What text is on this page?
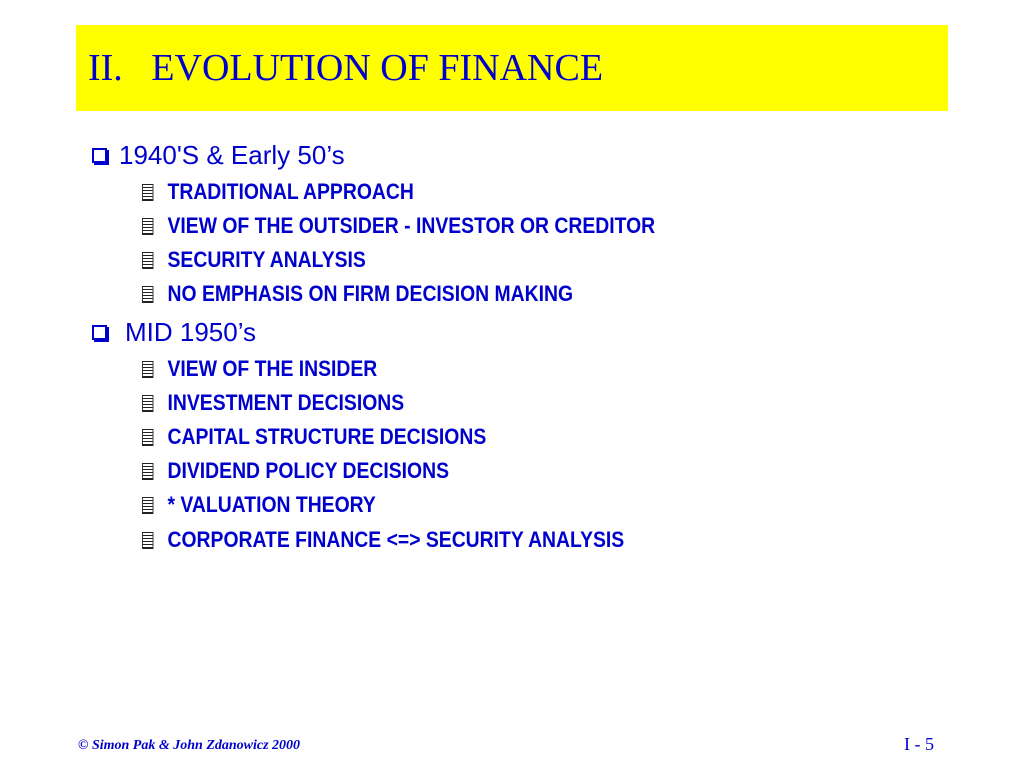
II.   EVOLUTION OF FINANCE
1940'S & Early 50’s
TRADITIONAL APPROACH
VIEW OF THE OUTSIDER - INVESTOR OR CREDITOR
SECURITY ANALYSIS
NO EMPHASIS ON FIRM DECISION MAKING
MID 1950’s
VIEW OF THE INSIDER
INVESTMENT DECISIONS
CAPITAL STRUCTURE DECISIONS
DIVIDEND POLICY DECISIONS
* VALUATION THEORY
CORPORATE FINANCE <=> SECURITY ANALYSIS
© Simon Pak & John Zdanowicz 2000	I - 5
